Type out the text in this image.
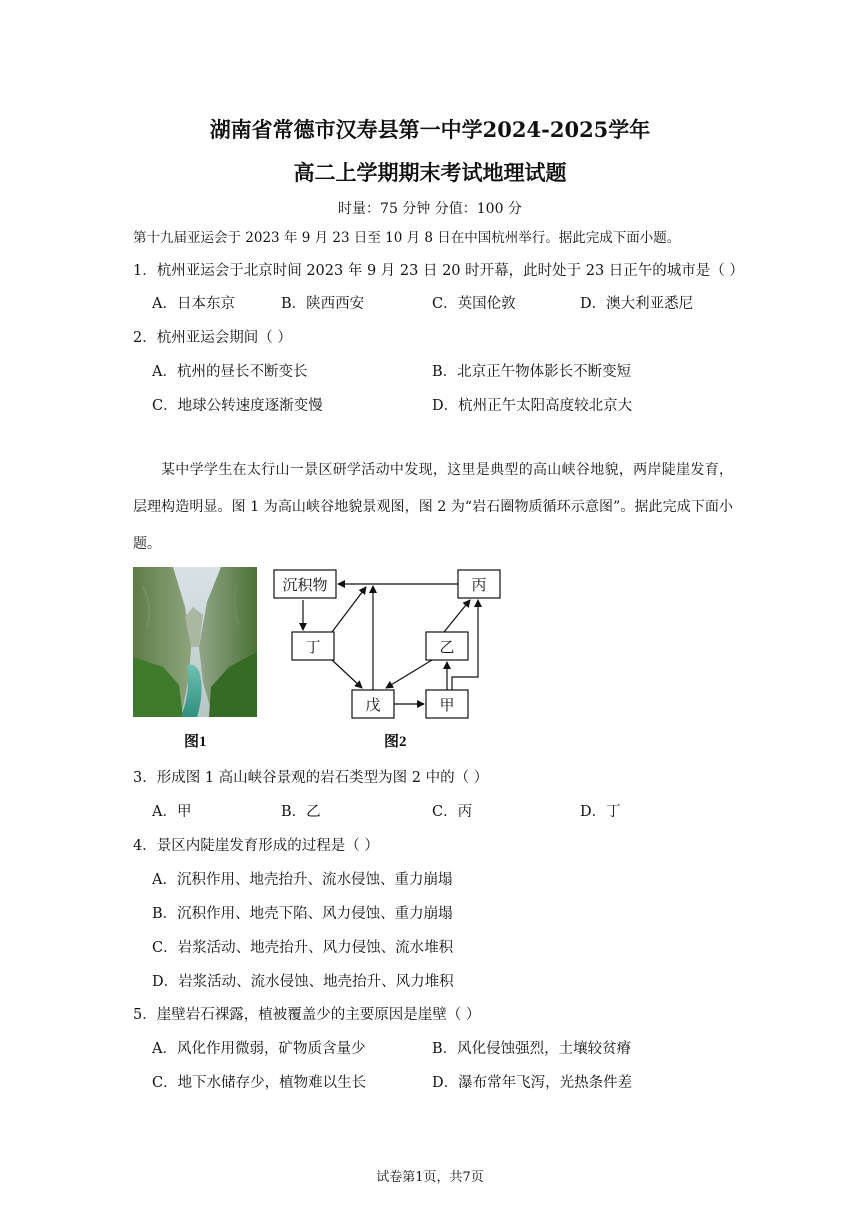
湖南省常德市汉寿县第一中学2024-2025学年
高二上学期期末考试地理试题
时量：75 分钟 分值：100 分
第十九届亚运会于 2023 年 9 月 23 日至 10 月 8 日在中国杭州举行。据此完成下面小题。
1．杭州亚运会于北京时间 2023 年 9 月 23 日 20 时开幕，此时处于 23 日正午的城市是（ ）
A．日本东京	B．陕西西安	C．英国伦敦	D．澳大利亚悉尼
2．杭州亚运会期间（ ）
A．杭州的昼长不断变长	B．北京正午物体影长不断变短
C．地球公转速度逐渐变慢	D．杭州正午太阳高度较北京大
某中学学生在太行山一景区研学活动中发现，这里是典型的高山峡谷地貌，两岸陡崖发育，层理构造明显。图 1 为高山峡谷地貌景观图，图 2 为“岩石圈物质循环示意图”。据此完成下面小题。
图1
沉积物	丙
丁	乙
戊	甲
图2
3．形成图 1 高山峡谷景观的岩石类型为图 2 中的（ ）
A．甲	B．乙	C．丙	D．丁
4．景区内陡崖发育形成的过程是（ ）
A．沉积作用、地壳抬升、流水侵蚀、重力崩塌
B．沉积作用、地壳下陷、风力侵蚀、重力崩塌
C．岩浆活动、地壳抬升、风力侵蚀、流水堆积
D．岩浆活动、流水侵蚀、地壳抬升、风力堆积
5．崖壁岩石裸露，植被覆盖少的主要原因是崖壁（ ）
A．风化作用微弱，矿物质含量少	B．风化侵蚀强烈，土壤较贫瘠
C．地下水储存少，植物难以生长	D．瀑布常年飞泻，光热条件差
试卷第1页，共7页
